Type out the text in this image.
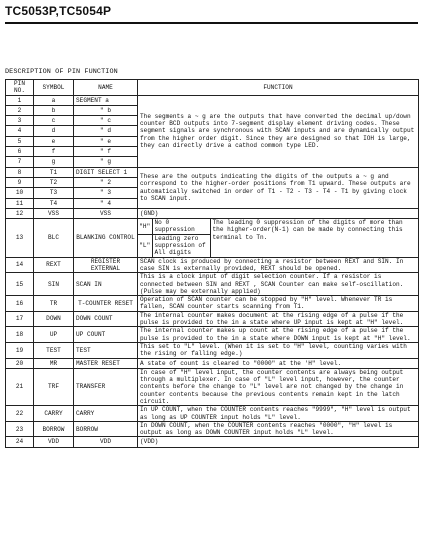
TC5053P,TC5054P
DESCRIPTION OF PIN FUNCTION
PIN NO.	SYMBOL	NAME	FUNCTION
1	a	SEGMENT a	The segments a ~ g are the outputs that have converted the decimal up/down counter BCD outputs into 7-segment display element driving codes. These segment signals are synchronous with SCAN inputs and are dynamically output from the higher order digit. Since they are designed so that IOH is large, they can directly drive a cathod common type LED.
2	b	" b
3	c	" c
4	d	" d
5	e	" e
6	f	" f
7	g	" g
8	T1	DIGIT SELECT 1	These are the outputs indicating the digits of the outputs a ~ g and correspond to the higher-order positions from T1 upward. These outputs are automatically switched in order of T1 - T2 - T3 - T4 - T1 by giving clock to SCAN input.
9	T2	" 2
10	T3	" 3
11	T4	" 4
12	VSS	VSS	(GND)
13	BLC	BLANKING CONTROL	
"H"	No 0 suppression	The leading 0 suppression of the digits of more than the higher-order(N-1) can be made by connecting this terminal to Tn.
"L"	Leading zero suppression of All digits

14	REXT	REGISTER EXTERNAL	SCAN clock is produced by connecting a resistor between REXT and SIN. In case SIN is externally provided, REXT should be opened.
15	SIN	SCAN IN	This is a clock input of digit selection counter. If a resistor is connected between SIN and REXT , SCAN Counter can make self-oscillation.(Pulse may be externally applied)
16	TR	T-COUNTER RESET	Operation of SCAN counter can be stopped by "H" level. Whenever TR is fallen, SCAN counter starts scanning from T1.
17	DOWN	DOWN COUNT	The internal counter makes document at the rising edge of a pulse if the pulse is provided to the in a state where UP input is kept at "H" level.
18	UP	UP COUNT	The internal counter makes up count at the rising edge of a pulse if the pulse is provided to the in a state where DOWN input is kept at "H" level.
19	TEST	TEST	This set to "L" level. (When it is set to "H" level, counting varies with the rising or falling edge.)
20	MR	MASTER RESET	A state of count is cleared to "0000" at the 'H" level.
21	TRF	TRANSFER	In case of "H" level input, the counter contents are always being output through a multiplexer. In case of "L" level input, however, the counter contents before the change to "L" level are not changed by the change in counter contents because the previous contents remain kept in the latch circuit.
22	CARRY	CARRY	In UP COUNT, when the COUNTER contents reaches "9999", "H" level is output as long as UP COUNTER input holds "L" level.
23	BORROW	BORROW	In DOWN COUNT, when the COUNTER contents reaches "0000", "H" level is output as long as DOWN COUNTER input holds "L" level.
24	VDD	VDD	(VDD)
